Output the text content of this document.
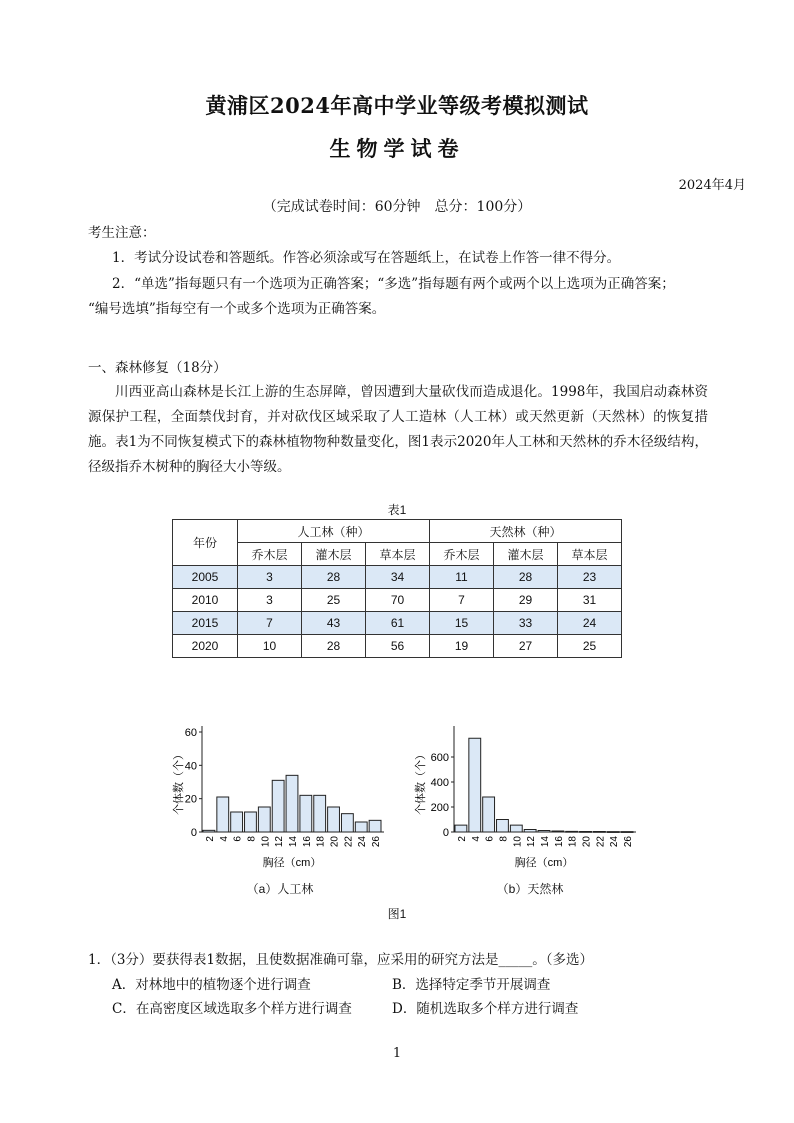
黄浦区2024年高中学业等级考模拟测试
生物学试卷
2024年4月
（完成试卷时间：60分钟　总分：100分）
考生注意：
1．考试分设试卷和答题纸。作答必须涂或写在答题纸上，在试卷上作答一律不得分。
2．“单选”指每题只有一个选项为正确答案；“多选”指每题有两个或两个以上选项为正确答案；
“编号选填”指每空有一个或多个选项为正确答案。
一、森林修复（18分）
川西亚高山森林是长江上游的生态屏障，曾因遭到大量砍伐而造成退化。1998年，我国启动森林资源保护工程，全面禁伐封育，并对砍伐区域采取了人工造林（人工林）或天然更新（天然林）的恢复措施。表1为不同恢复模式下的森林植物物种数量变化，图1表示2020年人工林和天然林的乔木径级结构，径级指乔木树种的胸径大小等级。
表1
年份	人工林（种）			天然林（种）		
	乔木层	灌木层	草本层	乔木层	灌木层	草本层
2005	3	28	34	11	28	23
2010	3	25	70	7	29	31
2015	7	43	61	15	33	24
2020	10	28	56	19	27	25
0
20
40
60
2 4 6 8 10 12 14 16 18 20 22 24 26
个体数（个）
胸径（cm）
0
200
400
600
2 4 6 8 10 12 14 16 18 20 22 24 26
个体数（个）
胸径（cm）
（a）人工林	（b）天然林
图1
1．（3分）要获得表1数据，且使数据准确可靠，应采用的研究方法是_____。（多选）
A．对林地中的植物逐个进行调查	B．选择特定季节开展调查
C．在高密度区域选取多个样方进行调查	D．随机选取多个样方进行调查
1
